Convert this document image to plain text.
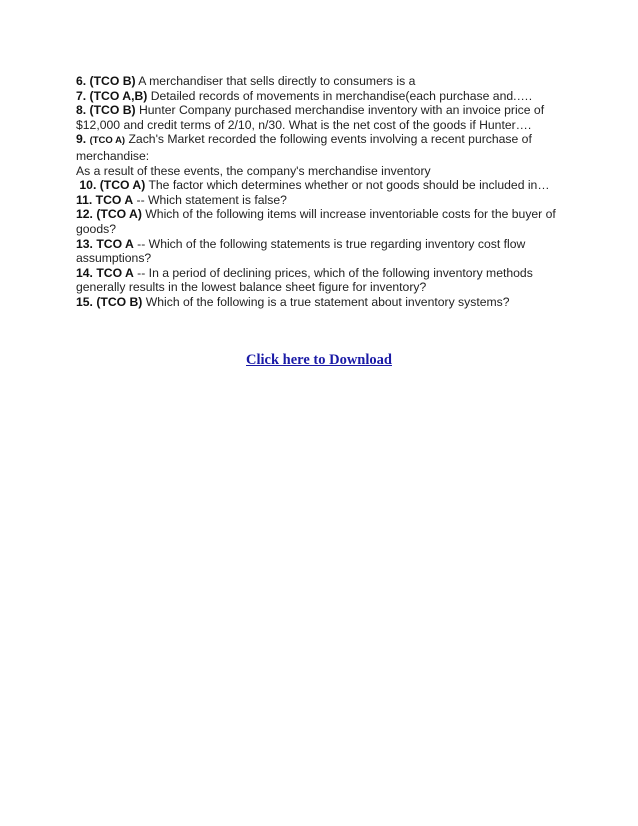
6. (TCO B) A merchandiser that sells directly to consumers is a
7. (TCO A,B) Detailed records of movements in merchandise(each purchase and.….
8. (TCO B) Hunter Company purchased merchandise inventory with an invoice price of
$12,000 and credit terms of 2/10, n/30. What is the net cost of the goods if Hunter….
9. (TCO A) Zach's Market recorded the following events involving a recent purchase of
merchandise:
As a result of these events, the company's merchandise inventory
10. (TCO A) The factor which determines whether or not goods should be included in…
11. TCO A -- Which statement is false?
12. (TCO A) Which of the following items will increase inventoriable costs for the buyer of
goods?
13. TCO A -- Which of the following statements is true regarding inventory cost flow
assumptions?
14. TCO A -- In a period of declining prices, which of the following inventory methods
generally results in the lowest balance sheet figure for inventory?
15. (TCO B) Which of the following is a true statement about inventory systems?
Click here to Download
